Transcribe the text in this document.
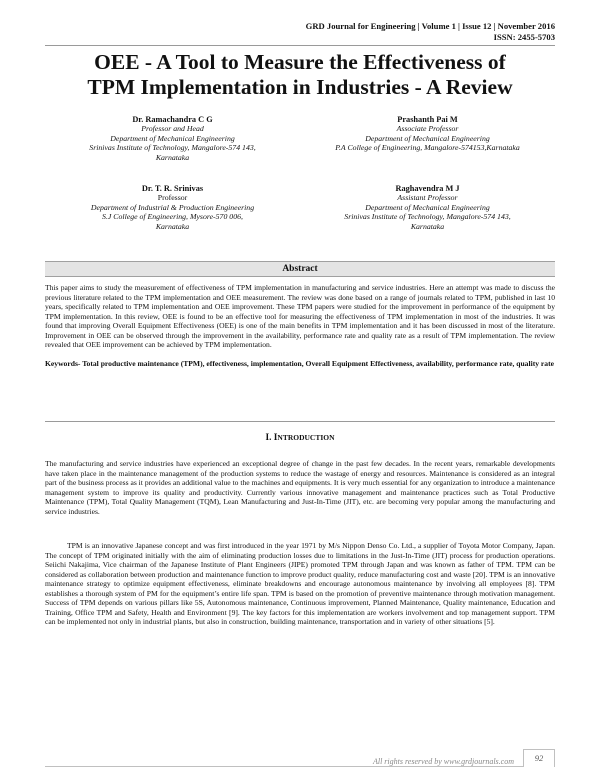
GRD Journal for Engineering | Volume 1 | Issue 12 | November 2016
ISSN: 2455-5703
OEE - A Tool to Measure the Effectiveness of
TPM Implementation in Industries - A Review
Dr. Ramachandra C G
Professor and Head
Department of Mechanical Engineering
Srinivas Institute of Technology, Mangalore-574 143,
Karnataka
Prashanth Pai M
Associate Professor
Department of Mechanical Engineering
P.A College of Engineering, Mangalore-574153,Karnataka
Dr. T. R. Srinivas
Professor
Department of Industrial & Production Engineering
S.J College of Engineering, Mysore-570 006,
Karnataka
Raghavendra M J
Assistant Professor
Department of Mechanical Engineering
Srinivas Institute of Technology, Mangalore-574 143,
Karnataka
Abstract
This paper aims to study the measurement of effectiveness of TPM implementation in manufacturing and service industries. Here an attempt was made to discuss the previous literature related to the TPM implementation and OEE measurement. The review was done based on a range of journals related to TPM, published in last 10 years, specifically related to TPM implementation and OEE improvement. These TPM papers were studied for the improvement in performance of the equipment by TPM implementation. In this review, OEE is found to be an effective tool for measuring the effectiveness of TPM implementation in most of the industries. It was found that improving Overall Equipment Effectiveness (OEE) is one of the main benefits in TPM implementation and it has been discussed in most of the literature. Improvement in OEE can be observed through the improvement in the availability, performance rate and quality rate as a result of TPM implementation. The review revealed that OEE improvement can be achieved by TPM implementation.
Keywords- Total productive maintenance (TPM), effectiveness, implementation, Overall Equipment Effectiveness, availability, performance rate, quality rate
I. INTRODUCTION
The manufacturing and service industries have experienced an exceptional degree of change in the past few decades. In the recent years, remarkable developments have taken place in the maintenance management of the production systems to reduce the wastage of energy and resources. Maintenance is considered as an integral part of the business process as it provides an additional value to the machines and equipments. It is very much essential for any organization to introduce a maintenance management system to improve its quality and productivity. Currently various innovative management and maintenance practices such as Total Productive Maintenance (TPM), Total Quality Management (TQM), Lean Manufacturing and Just-In-Time (JIT), etc. are becoming very popular among the manufacturing and service industries.
TPM is an innovative Japanese concept and was first introduced in the year 1971 by M/s Nippon Denso Co. Ltd., a supplier of Toyota Motor Company, Japan. The concept of TPM originated initially with the aim of eliminating production losses due to limitations in the Just-In-Time (JIT) process for production operations. Seiichi Nakajima, Vice chairman of the Japanese Institute of Plant Engineers (JIPE) promoted TPM through Japan and was known as father of TPM. TPM can be considered as collaboration between production and maintenance function to improve product quality, reduce manufacturing cost and waste [20]. TPM is an innovative maintenance strategy to optimize equipment effectiveness, eliminate breakdowns and encourage autonomous maintenance by involving all employees [8]. TPM establishes a thorough system of PM for the equipment’s entire life span. TPM is based on the promotion of preventive maintenance through motivation management. Success of TPM depends on various pillars like 5S, Autonomous maintenance, Continuous improvement, Planned Maintenance, Quality maintenance, Education and Training, Office TPM and Safety, Health and Environment [9]. The key factors for this implementation are workers involvement and top management support. TPM can be implemented not only in industrial plants, but also in construction, building maintenance, transportation and in variety of other situations [5].
All rights reserved by www.grdjournals.com	92
